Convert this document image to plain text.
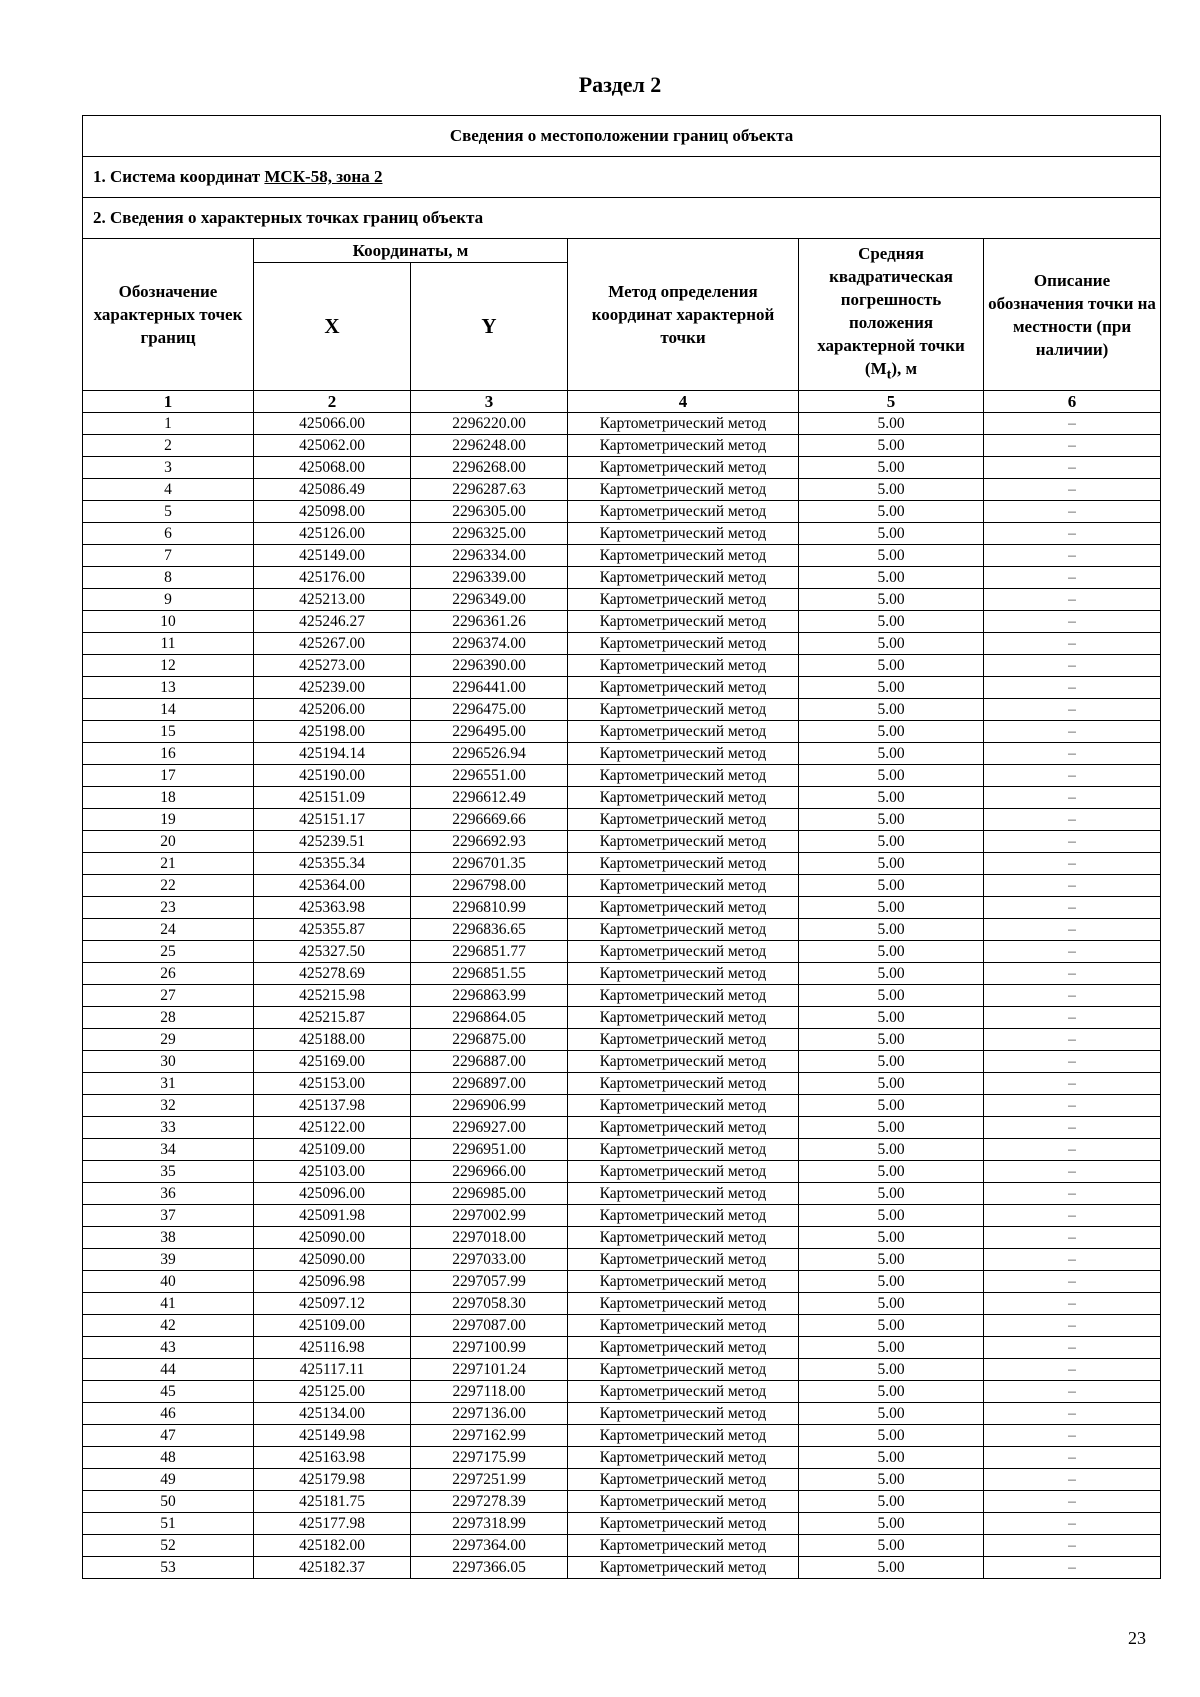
Раздел 2
Сведения о местоположении границ объекта					
1. Система координат МСК-58, зона 2					
2. Сведения о характерных точках границ объекта					
Обозначение характерных точек границ	Координаты, м		Метод определения координат характерной точки	Средняя квадратическая погрешность положения характерной точки $(M_t)$, м	Описание обозначения точки на местности (при наличии)
	X	Y			
1	2	3	4	5	6
1	425066.00	2296220.00	Картометрический метод	5.00	–
2	425062.00	2296248.00	Картометрический метод	5.00	–
3	425068.00	2296268.00	Картометрический метод	5.00	–
4	425086.49	2296287.63	Картометрический метод	5.00	–
5	425098.00	2296305.00	Картометрический метод	5.00	–
6	425126.00	2296325.00	Картометрический метод	5.00	–
7	425149.00	2296334.00	Картометрический метод	5.00	–
8	425176.00	2296339.00	Картометрический метод	5.00	–
9	425213.00	2296349.00	Картометрический метод	5.00	–
10	425246.27	2296361.26	Картометрический метод	5.00	–
11	425267.00	2296374.00	Картометрический метод	5.00	–
12	425273.00	2296390.00	Картометрический метод	5.00	–
13	425239.00	2296441.00	Картометрический метод	5.00	–
14	425206.00	2296475.00	Картометрический метод	5.00	–
15	425198.00	2296495.00	Картометрический метод	5.00	–
16	425194.14	2296526.94	Картометрический метод	5.00	–
17	425190.00	2296551.00	Картометрический метод	5.00	–
18	425151.09	2296612.49	Картометрический метод	5.00	–
19	425151.17	2296669.66	Картометрический метод	5.00	–
20	425239.51	2296692.93	Картометрический метод	5.00	–
21	425355.34	2296701.35	Картометрический метод	5.00	–
22	425364.00	2296798.00	Картометрический метод	5.00	–
23	425363.98	2296810.99	Картометрический метод	5.00	–
24	425355.87	2296836.65	Картометрический метод	5.00	–
25	425327.50	2296851.77	Картометрический метод	5.00	–
26	425278.69	2296851.55	Картометрический метод	5.00	–
27	425215.98	2296863.99	Картометрический метод	5.00	–
28	425215.87	2296864.05	Картометрический метод	5.00	–
29	425188.00	2296875.00	Картометрический метод	5.00	–
30	425169.00	2296887.00	Картометрический метод	5.00	–
31	425153.00	2296897.00	Картометрический метод	5.00	–
32	425137.98	2296906.99	Картометрический метод	5.00	–
33	425122.00	2296927.00	Картометрический метод	5.00	–
34	425109.00	2296951.00	Картометрический метод	5.00	–
35	425103.00	2296966.00	Картометрический метод	5.00	–
36	425096.00	2296985.00	Картометрический метод	5.00	–
37	425091.98	2297002.99	Картометрический метод	5.00	–
38	425090.00	2297018.00	Картометрический метод	5.00	–
39	425090.00	2297033.00	Картометрический метод	5.00	–
40	425096.98	2297057.99	Картометрический метод	5.00	–
41	425097.12	2297058.30	Картометрический метод	5.00	–
42	425109.00	2297087.00	Картометрический метод	5.00	–
43	425116.98	2297100.99	Картометрический метод	5.00	–
44	425117.11	2297101.24	Картометрический метод	5.00	–
45	425125.00	2297118.00	Картометрический метод	5.00	–
46	425134.00	2297136.00	Картометрический метод	5.00	–
47	425149.98	2297162.99	Картометрический метод	5.00	–
48	425163.98	2297175.99	Картометрический метод	5.00	–
49	425179.98	2297251.99	Картометрический метод	5.00	–
50	425181.75	2297278.39	Картометрический метод	5.00	–
51	425177.98	2297318.99	Картометрический метод	5.00	–
52	425182.00	2297364.00	Картометрический метод	5.00	–
53	425182.37	2297366.05	Картометрический метод	5.00	–
23
